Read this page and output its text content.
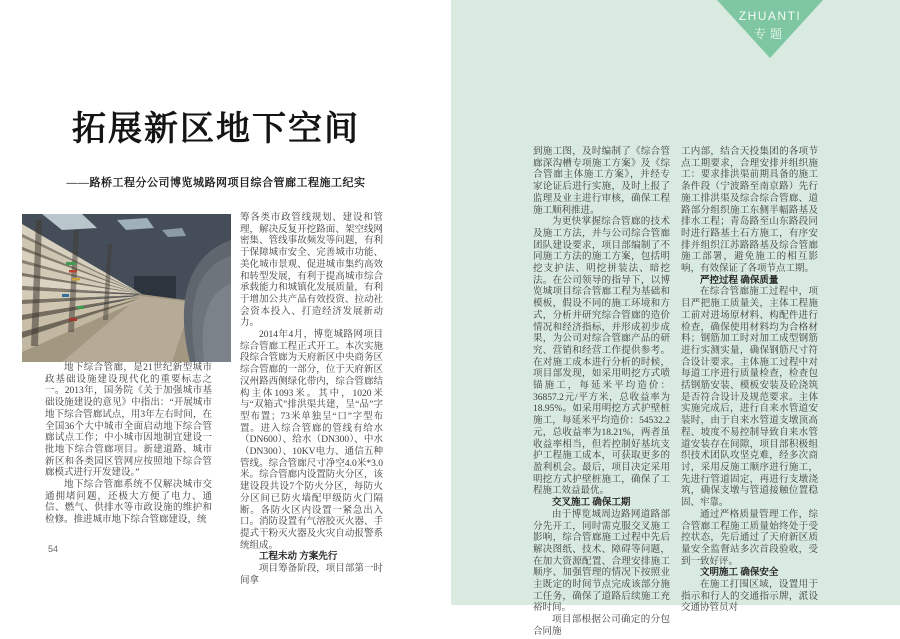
拓展新区地下空间
——路桥工程分公司博览城路网项目综合管廊工程施工纪实

地下综合管廊，是21世纪新型城市政基础设施建设现代化的重要标志之一。2013年，国务院《关于加强城市基础设施建设的意见》中指出：“开展城市地下综合管廊试点，用3年左右时间，在全国36个大中城市全面启动地下综合管廊试点工作；中小城市因地制宜建设一批地下综合管廊项目。新建道路、城市新区和各类园区管网应按照地下综合管廊模式进行开发建设。”

地下综合管廊系统不仅解决城市交通拥堵问题，还极大方便了电力、通信、燃气、供排水等市政设施的维护和检修。推进城市地下综合管廊建设，统

筹各类市政管线规划、建设和管理，解决反复开挖路面、架空线网密集、管线事故频发等问题，有利于保障城市安全、完善城市功能、美化城市景观、促进城市集约高效和转型发展，有利于提高城市综合承载能力和城镇化发展质量，有利于增加公共产品有效投资、拉动社会资本投入、打造经济发展新动力。

2014年4月，博览城路网项目综合管廊工程正式开工。本次实施段综合管廊为天府新区中央商务区综合管廊的一部分，位于天府新区汉州路西侧绿化带内，综合管廊结构主体1093米。其中，1020米与“双箱式”排洪渠共建，呈“品”字型布置；73米单独呈“口”字型布置。进入综合管廊的管线有给水（DN600）、给水（DN300）、中水（DN300）、10KV电力、通信五种管线。综合管廊尺寸净空4.0米*3.0米。综合管廊内设置防火分区，该建设段共设7个防火分区，每防火分区间已防火墙配甲级防火门隔断。各防火区内设置一紧急出入口。消防设置有气溶胶灭火器、手提式干粉灭火器及火灾自动报警系统组成。

工程未动 方案先行

项目筹备阶段，项目部第一时间拿

54
ZHUANTI
专题

到施工图，及时编制了《综合管廊深沟槽专项施工方案》及《综合管廊主体施工方案》，并经专家论证后进行实施，及时上报了监理及业主进行审核，确保工程施工顺利推进。

为更快掌握综合管廊的技术及施工方法，并与公司综合管廊团队建设要求，项目部编制了不同施工方法的施工方案，包括明挖支护法、明挖拼装法、暗挖法。在公司领导的指导下，以博览城项目综合管廊工程为基础和模板，假设不同的施工环境和方式，分析并研究综合管廊的造价情况和经济指标，并形成初步成果，为公司对综合管廊产品的研究、营销和经营工作提供参考。在对施工成本进行分析的时候，项目部发现，如采用明挖方式喷锚施工，每延米平均造价：36857.2元/平方米，总收益率为18.95%。如采用明挖方式护壁桩施工，每延米平均造价：54532.2元，总收益率为18.21%，两者虽收益率相当，但若控制好基坑支护工程施工成本，可获取更多的盈利机会。最后，项目决定采用明挖方式护壁桩施工，确保了工程施工效益最优。

交叉施工 确保工期

由于博览城周边路网道路部分先开工，同时需克服交叉施工影响，综合管廊施工过程中先后解决图纸、技术、障碍等问题，在加大资源配置、合理安排施工顺序、加强管理的情况下按照业主既定的时间节点完成该部分施工任务，确保了道路后续施工充裕时间。

项目部根据公司确定的分包合同施

工内部，结合天投集团的各项节点工期要求，合理安排并组织施工：要求排洪渠前期具备的施工条件段（宁波路至南京路）先行施工排洪渠及综合综合管廊、道路部分组织施工东侧半幅路基及排水工程；青岛路至山东路段同时进行路基土石方施工，有序安排并组织江苏路路基及综合管廊施工部署，避免施工的相互影响，有效保证了各项节点工期。

严控过程 确保质量

在综合管廊施工过程中，项目严把施工质量关，主体工程施工前对进场原材料、构配件进行检查，确保使用材料均为合格材料；钢筋加工时对加工成型钢筋进行实测实量，确保钢筋尺寸符合设计要求。主体施工过程中对每道工序进行质量检查，检查包括钢筋安装、模板安装及砼浇筑是否符合设计及规范要求。主体实施完成后，进行自来水管道安装时，由于自来水管道支墩顶高程、坡度不易控制导致自来水管道安装存在间隙，项目部积极组织技术团队攻坚克难，经多次商讨，采用反施工顺序进行施工，先进行管道固定，再进行支墩浇筑，确保支墩与管道接触位置稳固、牢靠。

通过严格质量管理工作，综合管廊工程施工质量始终处于受控状态，先后通过了天府新区质量安全监督站多次首段验收，受到一致好评。

文明施工 确保安全

在施工打围区域，设置用于指示和行人的交通指示牌，派设交通协管员对
